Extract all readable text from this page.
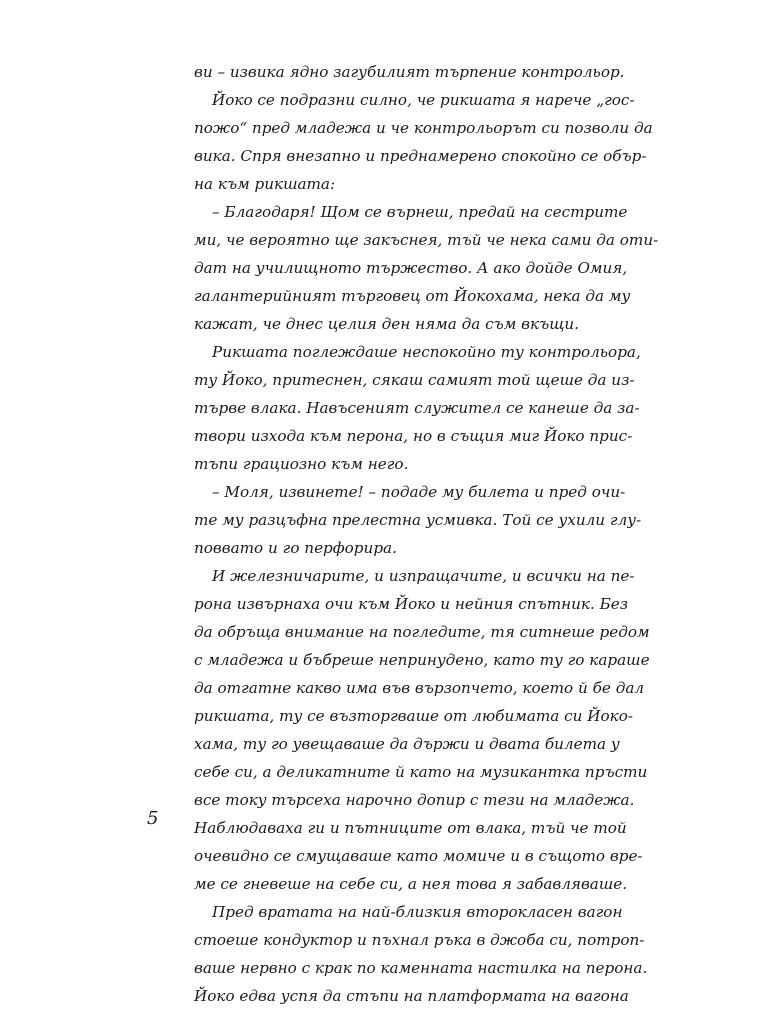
ви – извика ядно загубилият търпение контрольор.
Йоко се подразни силно, че рикшата я нарече „гос-
пожо“ пред младежа и че контрольорът си позволи да
вика. Спря внезапно и преднамерено спокойно се обър-
на към рикшата:
– Благодаря! Щом се върнеш, предай на сестрите
ми, че вероятно ще закъснея, тъй че нека сами да оти-
дат на училищното тържество. А ако дойде Омия,
галантерийният търговец от Йокохама, нека да му
кажат, че днес целия ден няма да съм вкъщи.
Рикшата поглеждаше неспокойно ту контрольора,
ту Йоко, притеснен, сякаш самият той щеше да из-
търве влака. Навъсеният служител се канеше да за-
твори изхода към перона, но в същия миг Йоко прис-
тъпи грациозно към него.
– Моля, извинете! – подаде му билета и пред очи-
те му разцъфна прелестна усмивка. Той се ухили глу-
поввато и го перфорира.
И железничарите, и изпращачите, и всички на пе-
рона извърнаха очи към Йоко и нейния спътник. Без
да обръща внимание на погледите, тя ситнеше редом
с младежа и бъбреше непринудено, като ту го караше
да отгатне какво има във вързопчето, което й бе дал
рикшата, ту се възторгваше от любимата си Йоко-
хама, ту го увещаваше да държи и двата билета у
себе си, а деликатните й като на музикантка пръсти
все току търсеха нарочно допир с тези на младежа.
Наблюдаваха ги и пътниците от влака, тъй че той
очевидно се смущаваше като момиче и в същото вре-
ме се гневеше на себе си, а нея това я забавляваше.
Пред вратата на най-близкия второкласен вагон
стоеше кондуктор и пъхнал ръка в джоба си, потроп-
ваше нервно с крак по каменната настилка на перона.
Йоко едва успя да стъпи на платформата на вагона
5
